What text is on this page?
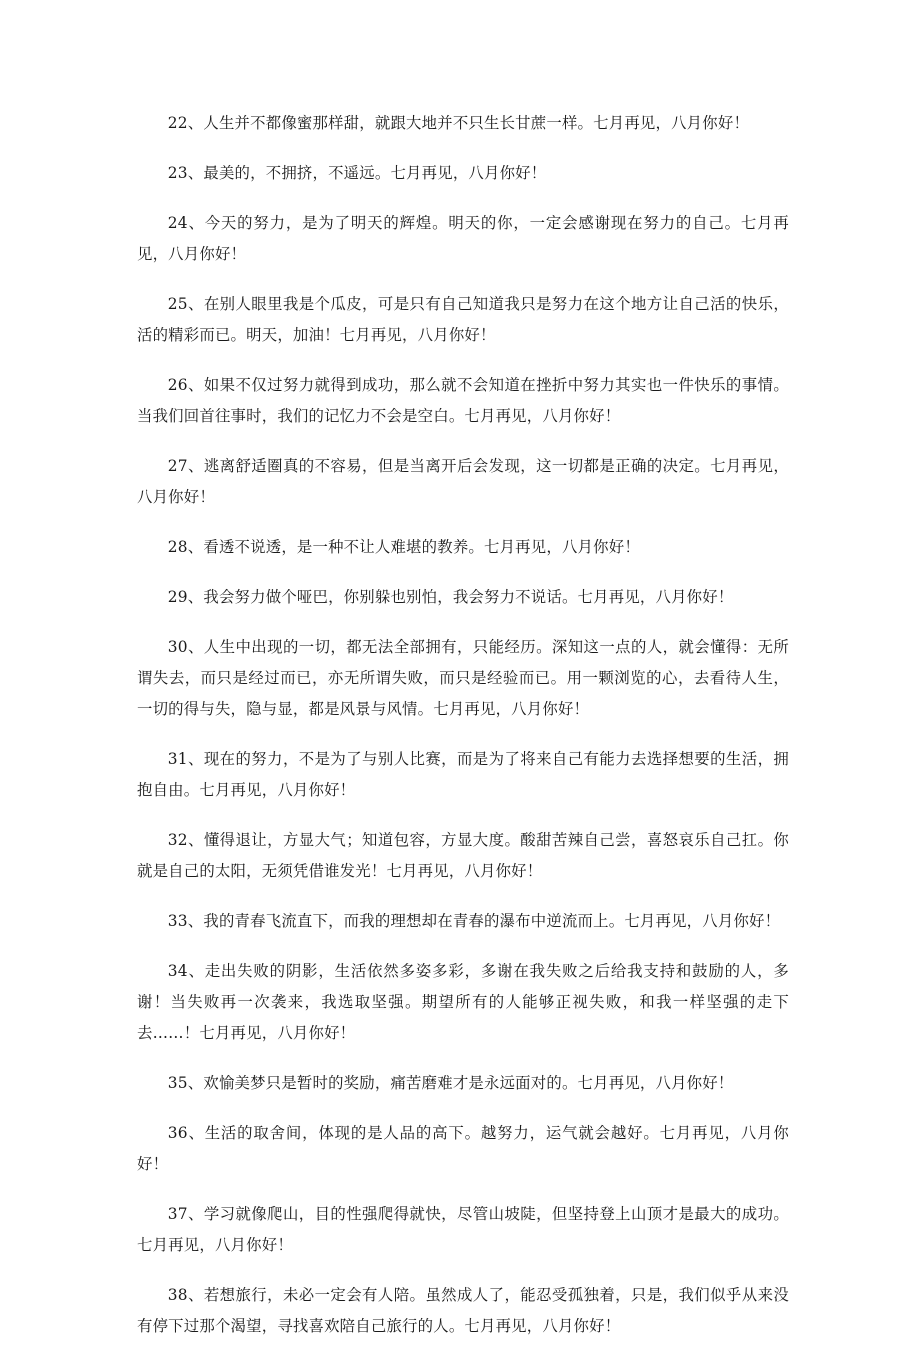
22、人生并不都像蜜那样甜，就跟大地并不只生长甘蔗一样。七月再见，八月你好！

23、最美的，不拥挤，不遥远。七月再见，八月你好！

24、今天的努力，是为了明天的辉煌。明天的你，一定会感谢现在努力的自己。七月再见，八月你好！

25、在别人眼里我是个瓜皮，可是只有自己知道我只是努力在这个地方让自己活的快乐，活的精彩而已。明天，加油！七月再见，八月你好！

26、如果不仅过努力就得到成功，那么就不会知道在挫折中努力其实也一件快乐的事情。当我们回首往事时，我们的记忆力不会是空白。七月再见，八月你好！

27、逃离舒适圈真的不容易，但是当离开后会发现，这一切都是正确的决定。七月再见，八月你好！

28、看透不说透，是一种不让人难堪的教养。七月再见，八月你好！

29、我会努力做个哑巴，你别躲也别怕，我会努力不说话。七月再见，八月你好！

30、人生中出现的一切，都无法全部拥有，只能经历。深知这一点的人，就会懂得：无所谓失去，而只是经过而已，亦无所谓失败，而只是经验而已。用一颗浏览的心，去看待人生，一切的得与失，隐与显，都是风景与风情。七月再见，八月你好！

31、现在的努力，不是为了与别人比赛，而是为了将来自己有能力去选择想要的生活，拥抱自由。七月再见，八月你好！

32、懂得退让，方显大气；知道包容，方显大度。酸甜苦辣自己尝，喜怒哀乐自己扛。你就是自己的太阳，无须凭借谁发光！七月再见，八月你好！

33、我的青春飞流直下，而我的理想却在青春的瀑布中逆流而上。七月再见，八月你好！

34、走出失败的阴影，生活依然多姿多彩，多谢在我失败之后给我支持和鼓励的人，多谢！当失败再一次袭来，我选取坚强。期望所有的人能够正视失败，和我一样坚强的走下去……！七月再见，八月你好！

35、欢愉美梦只是暂时的奖励，痛苦磨难才是永远面对的。七月再见，八月你好！

36、生活的取舍间，体现的是人品的高下。越努力，运气就会越好。七月再见，八月你好！

37、学习就像爬山，目的性强爬得就快，尽管山坡陡，但坚持登上山顶才是最大的成功。七月再见，八月你好！

38、若想旅行，未必一定会有人陪。虽然成人了，能忍受孤独着，只是，我们似乎从来没有停下过那个渴望，寻找喜欢陪自己旅行的人。七月再见，八月你好！
